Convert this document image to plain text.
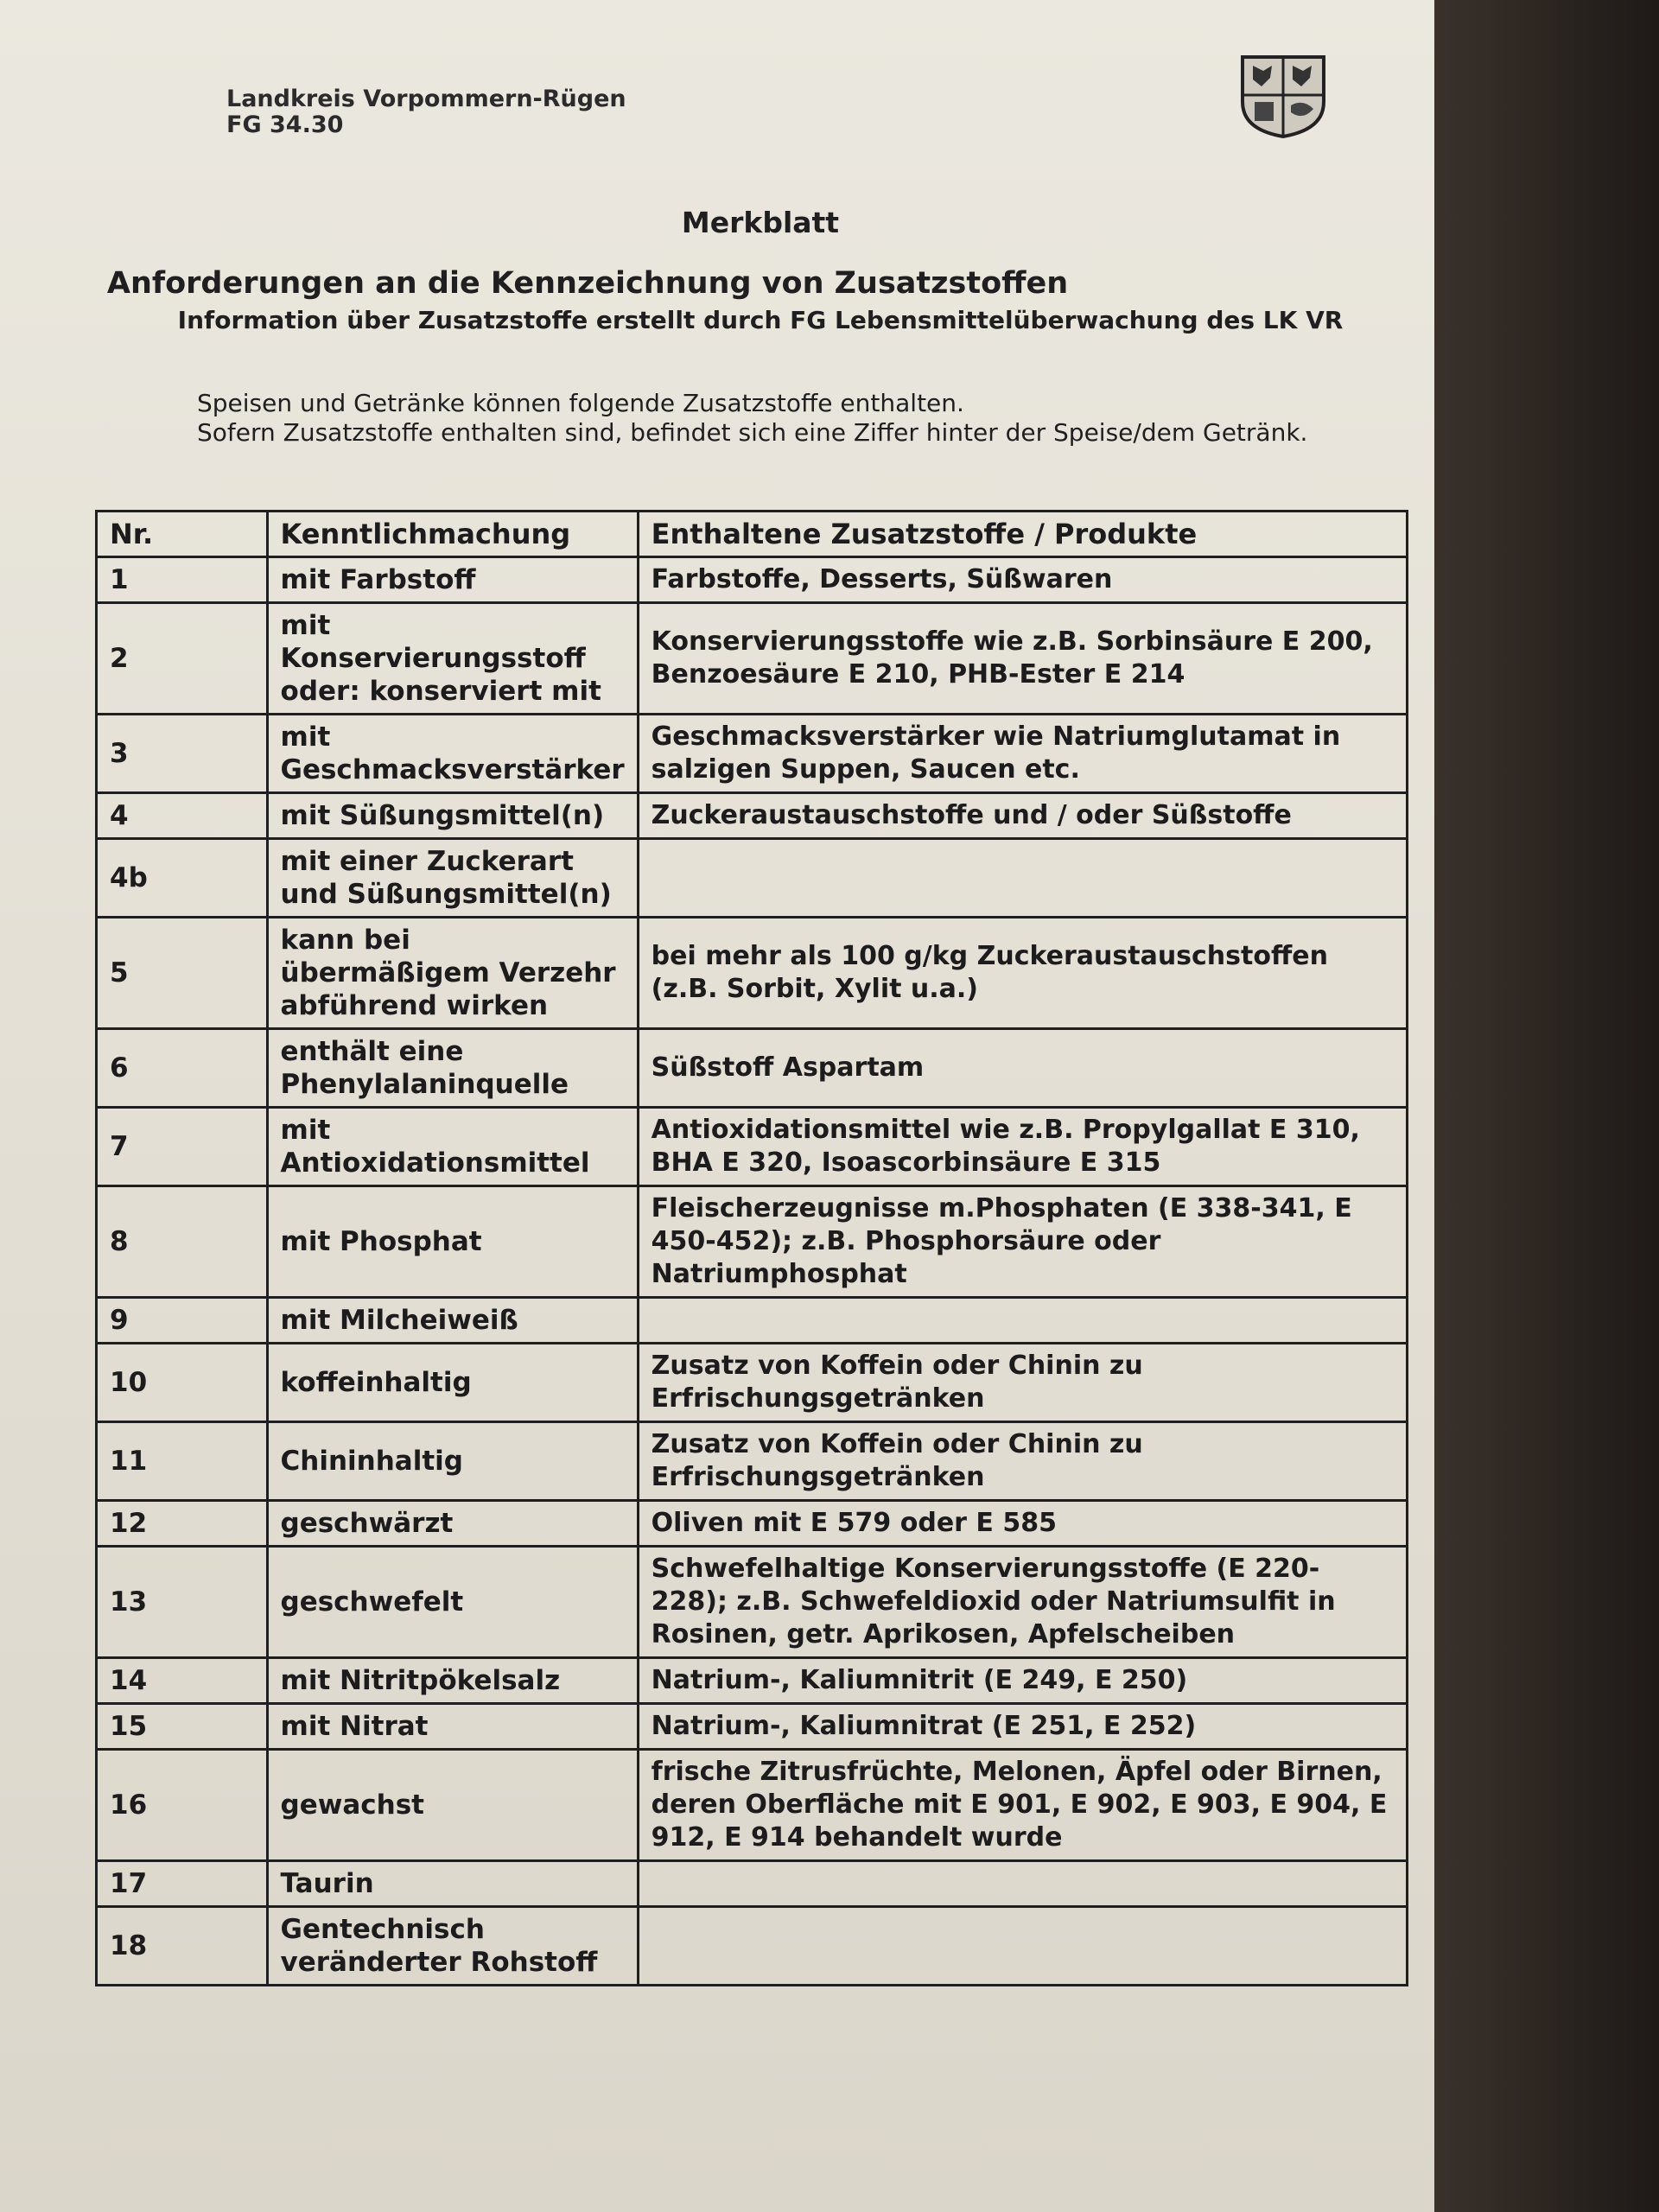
Landkreis Vorpommern-Rügen
FG 34.30
Merkblatt
Anforderungen an die Kennzeichnung von Zusatzstoffen
Information über Zusatzstoffe erstellt durch FG Lebensmittelüberwachung des LK VR
Speisen und Getränke können folgende Zusatzstoffe enthalten.
Sofern Zusatzstoffe enthalten sind, befindet sich eine Ziffer hinter der Speise/dem Getränk.
Nr.	Kenntlichmachung	Enthaltene Zusatzstoffe / Produkte
1	mit Farbstoff	Farbstoffe, Desserts, Süßwaren
2	mit Konservierungsstoff oder: konserviert mit	Konservierungsstoffe wie z.B. Sorbinsäure E 200, Benzoesäure E 210, PHB-Ester E 214
3	mit Geschmacksverstärker	Geschmacksverstärker wie Natriumglutamat in salzigen Suppen, Saucen etc.
4	mit Süßungsmittel(n)	Zuckeraustauschstoffe und / oder Süßstoffe
4b	mit einer Zuckerart und Süßungsmittel(n)	
5	kann bei übermäßigem Verzehr abführend wirken	bei mehr als 100 g/kg Zuckeraustauschstoffen (z.B. Sorbit, Xylit u.a.)
6	enthält eine Phenylalaninquelle	Süßstoff Aspartam
7	mit Antioxidationsmittel	Antioxidationsmittel wie z.B. Propylgallat E 310, BHA E 320, Isoascorbinsäure E 315
8	mit Phosphat	Fleischerzeugnisse m.Phosphaten (E 338-341, E 450-452); z.B. Phosphorsäure oder Natriumphosphat
9	mit Milcheiweiß	
10	koffeinhaltig	Zusatz von Koffein oder Chinin zu Erfrischungsgetränken
11	Chininhaltig	Zusatz von Koffein oder Chinin zu Erfrischungsgetränken
12	geschwärzt	Oliven mit E 579 oder E 585
13	geschwefelt	Schwefelhaltige Konservierungsstoffe (E 220-228); z.B. Schwefeldioxid oder Natriumsulfit in Rosinen, getr. Aprikosen, Apfelscheiben
14	mit Nitritpökelsalz	Natrium-, Kaliumnitrit (E 249, E 250)
15	mit Nitrat	Natrium-, Kaliumnitrat (E 251, E 252)
16	gewachst	frische Zitrusfrüchte, Melonen, Äpfel oder Birnen, deren Oberfläche mit E 901, E 902, E 903, E 904, E 912, E 914 behandelt wurde
17	Taurin	
18	Gentechnisch veränderter Rohstoff	
